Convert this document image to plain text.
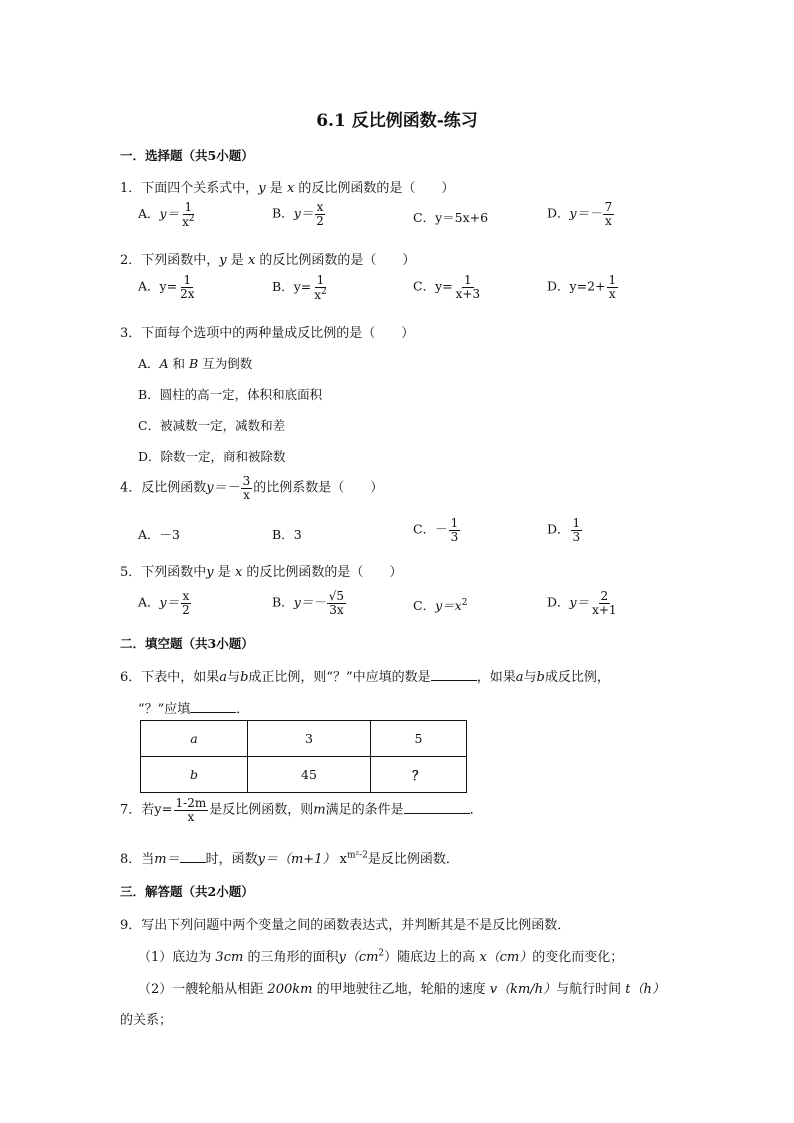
6.1 反比例函数-练习
一．选择题（共5小题）
1．下面四个关系式中，y 是 x 的反比例函数的是（　　）
A．$y= \frac{1}{x^2}$	B．$y= \frac{x}{2}$	C．y＝5x+6	D．$y=- \frac{7}{x}$
2．下列函数中，y 是 x 的反比例函数的是（　　）
A．$y= \frac{1}{2x}$	B．$y= \frac{1}{x^2}$	C．$y= \frac{1}{x+3}$	D．$y=2+ \frac{1}{x}$
3．下面每个选项中的两种量成反比例的是（　　）
A．A 和 B 互为倒数
B．圆柱的高一定，体积和底面积
C．被减数一定，减数和差
D．除数一定，商和被除数
4．反比例函数$y=- \frac{3}{x}$ 的比例系数是（　　）
A．－3	B．3	C．－ $\frac{1}{3}$	D． $\frac{1}{3}$
5．下列函数中y 是 x 的反比例函数的是（　　）
A．$y= \frac{x}{2}$	B．$y=- \frac{√5}{3x}$	C．$y=x^2$	D．$y= \frac{2}{x+1}$
二．填空题（共3小题）
6．下表中，如果a与b成正比例，则“？”中应填的数是	，如果a与b成反比例，
“？”应填	．
a	3	5
b	45	？
7．若$y= \frac{1-2m}{x}$ 是反比例函数，则m满足的条件是	．
8．当m＝ 时，函数y＝（m+1） $x^{m^2-2}$是反比例函数．
三．解答题（共2小题）
9．写出下列问题中两个变量之间的函数表达式，并判断其是不是反比例函数．
（1）底边为 3cm 的三角形的面积$y(cm^2)$随底边上的高 x（cm）的变化而变化；
（2）一艘轮船从相距 200km 的甲地驶往乙地，轮船的速度 v（km/h）与航行时间 t（h）
的关系；
